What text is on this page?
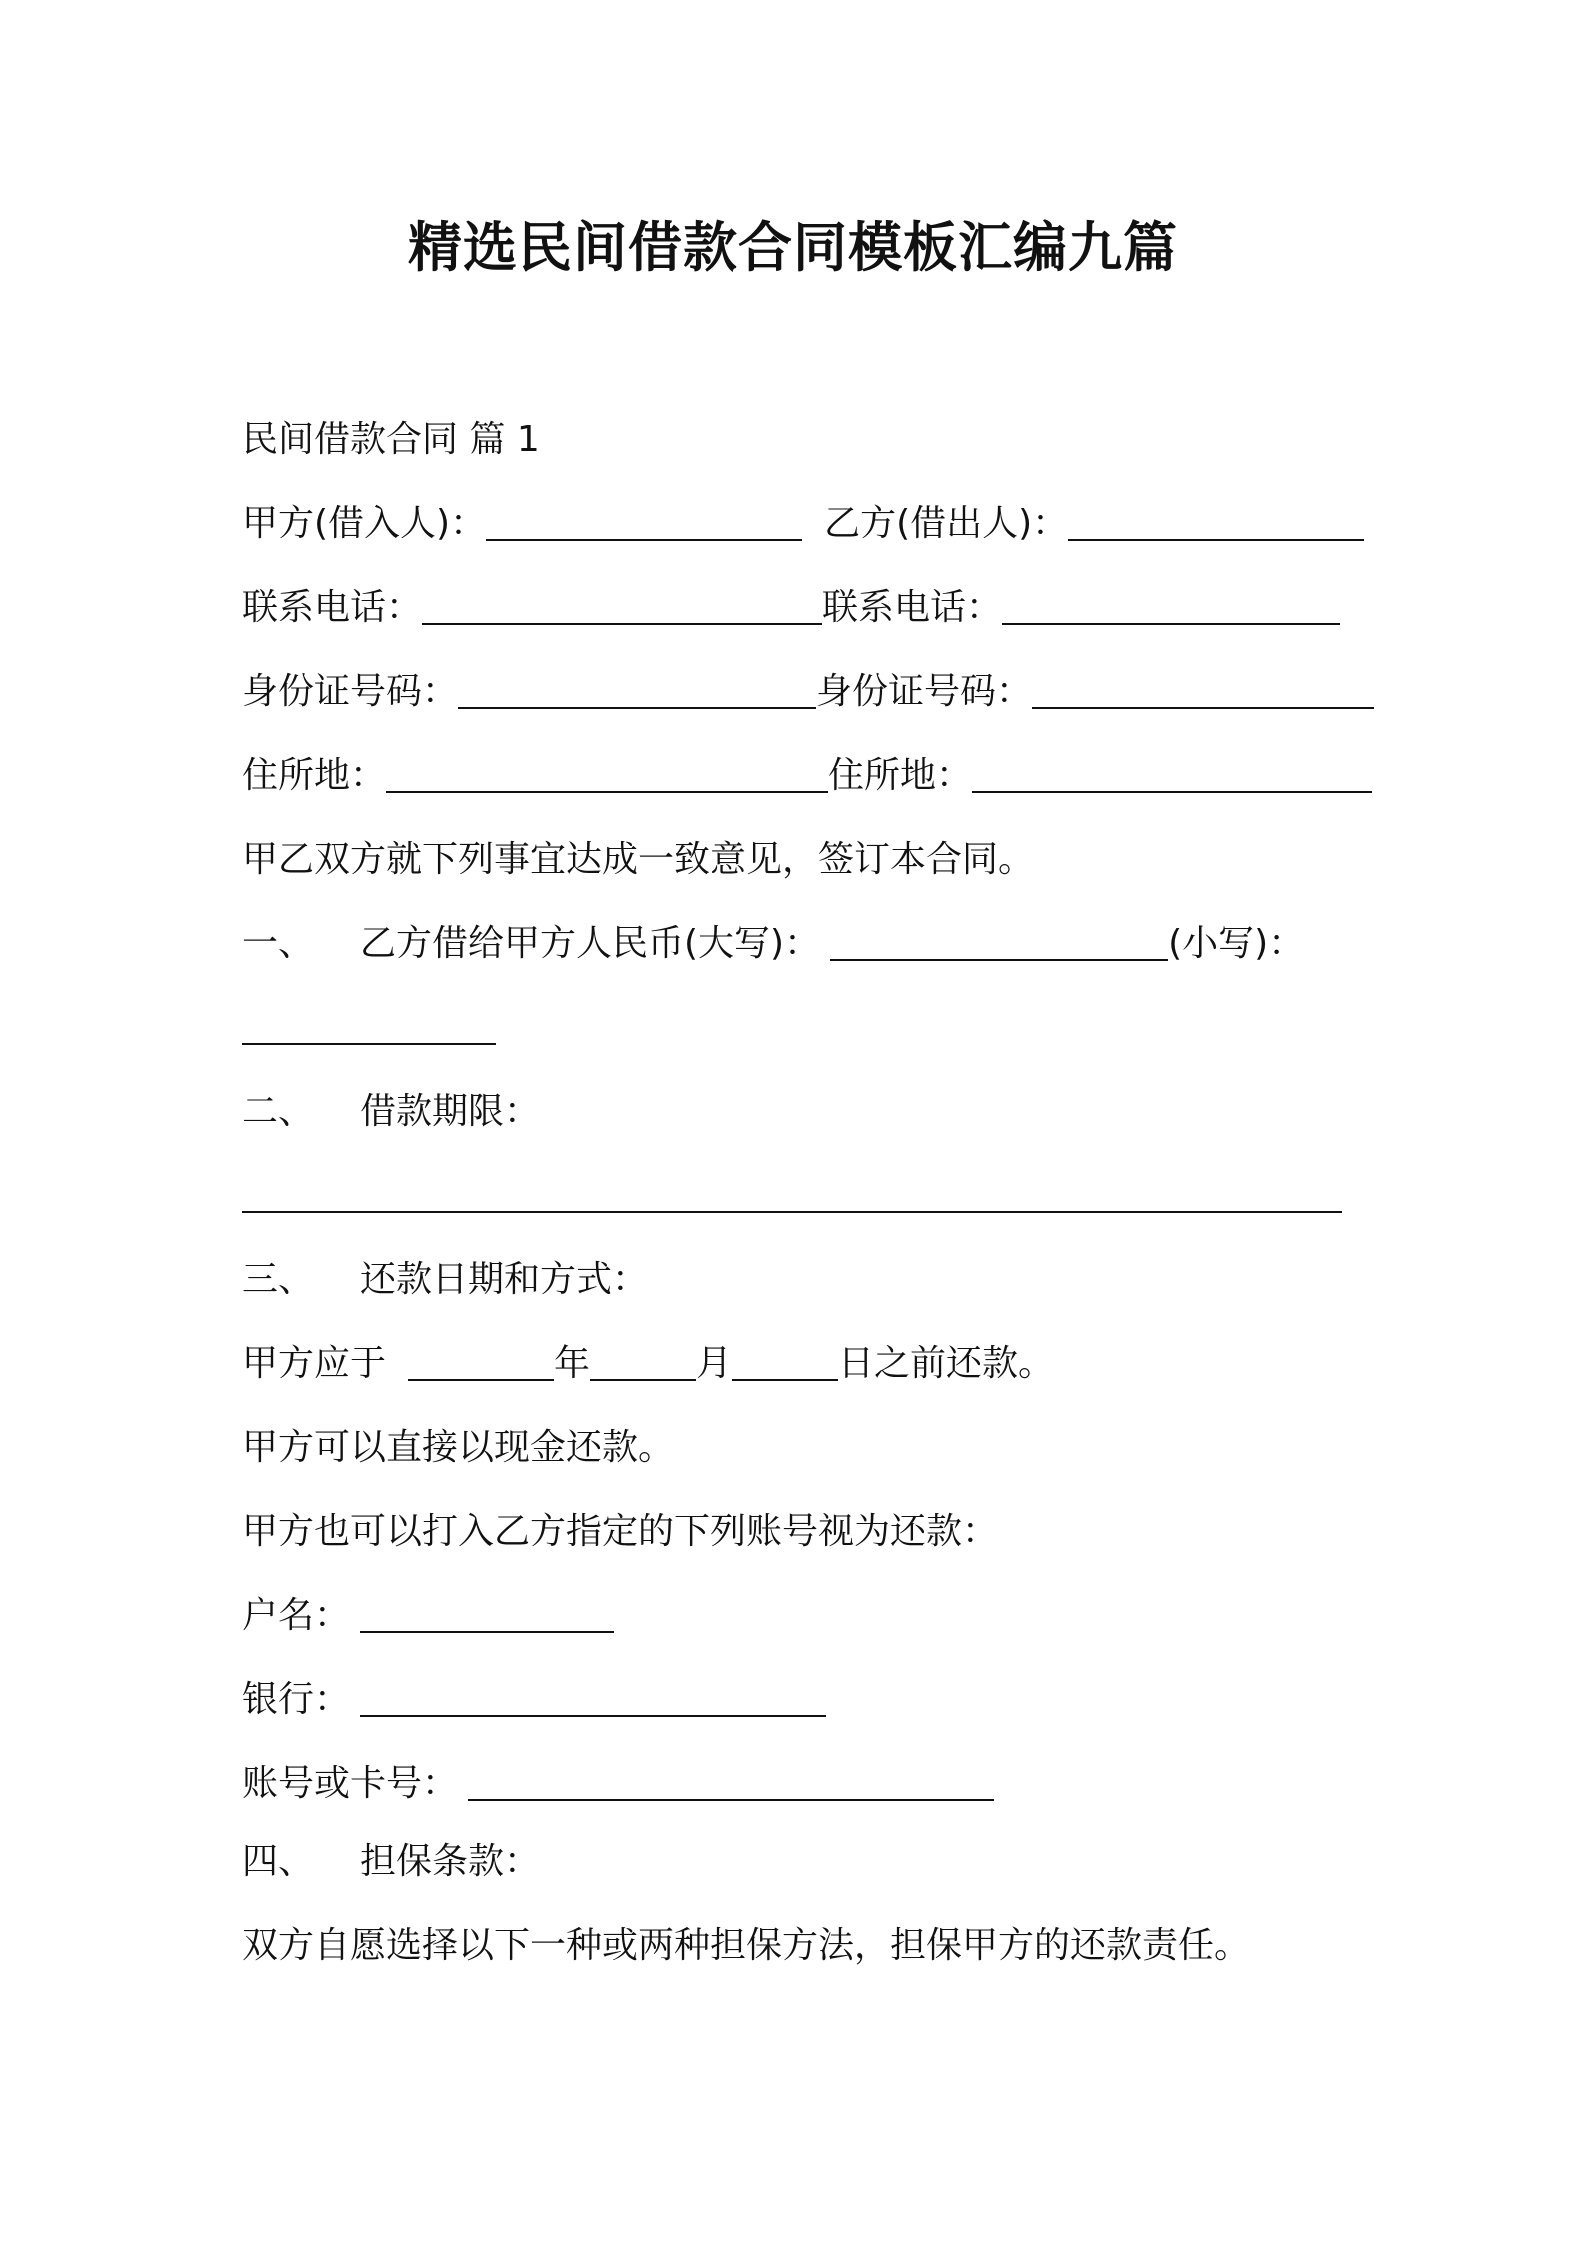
精选民间借款合同模板汇编九篇
民间借款合同 篇 1
甲方(借入人)：	乙方(借出人)：
联系电话：	联系电话：
身份证号码：	身份证号码：
住所地：	住所地：
甲乙双方就下列事宜达成一致意见，签订本合同。
一、 乙方借给甲方人民币(大写)：	(小写)：
二、 借款期限：
三、 还款日期和方式：
甲方应于	年	月	日之前还款。
甲方可以直接以现金还款。
甲方也可以打入乙方指定的下列账号视为还款：
户名：
银行：
账号或卡号：
四、 担保条款：
双方自愿选择以下一种或两种担保方法，担保甲方的还款责任。
